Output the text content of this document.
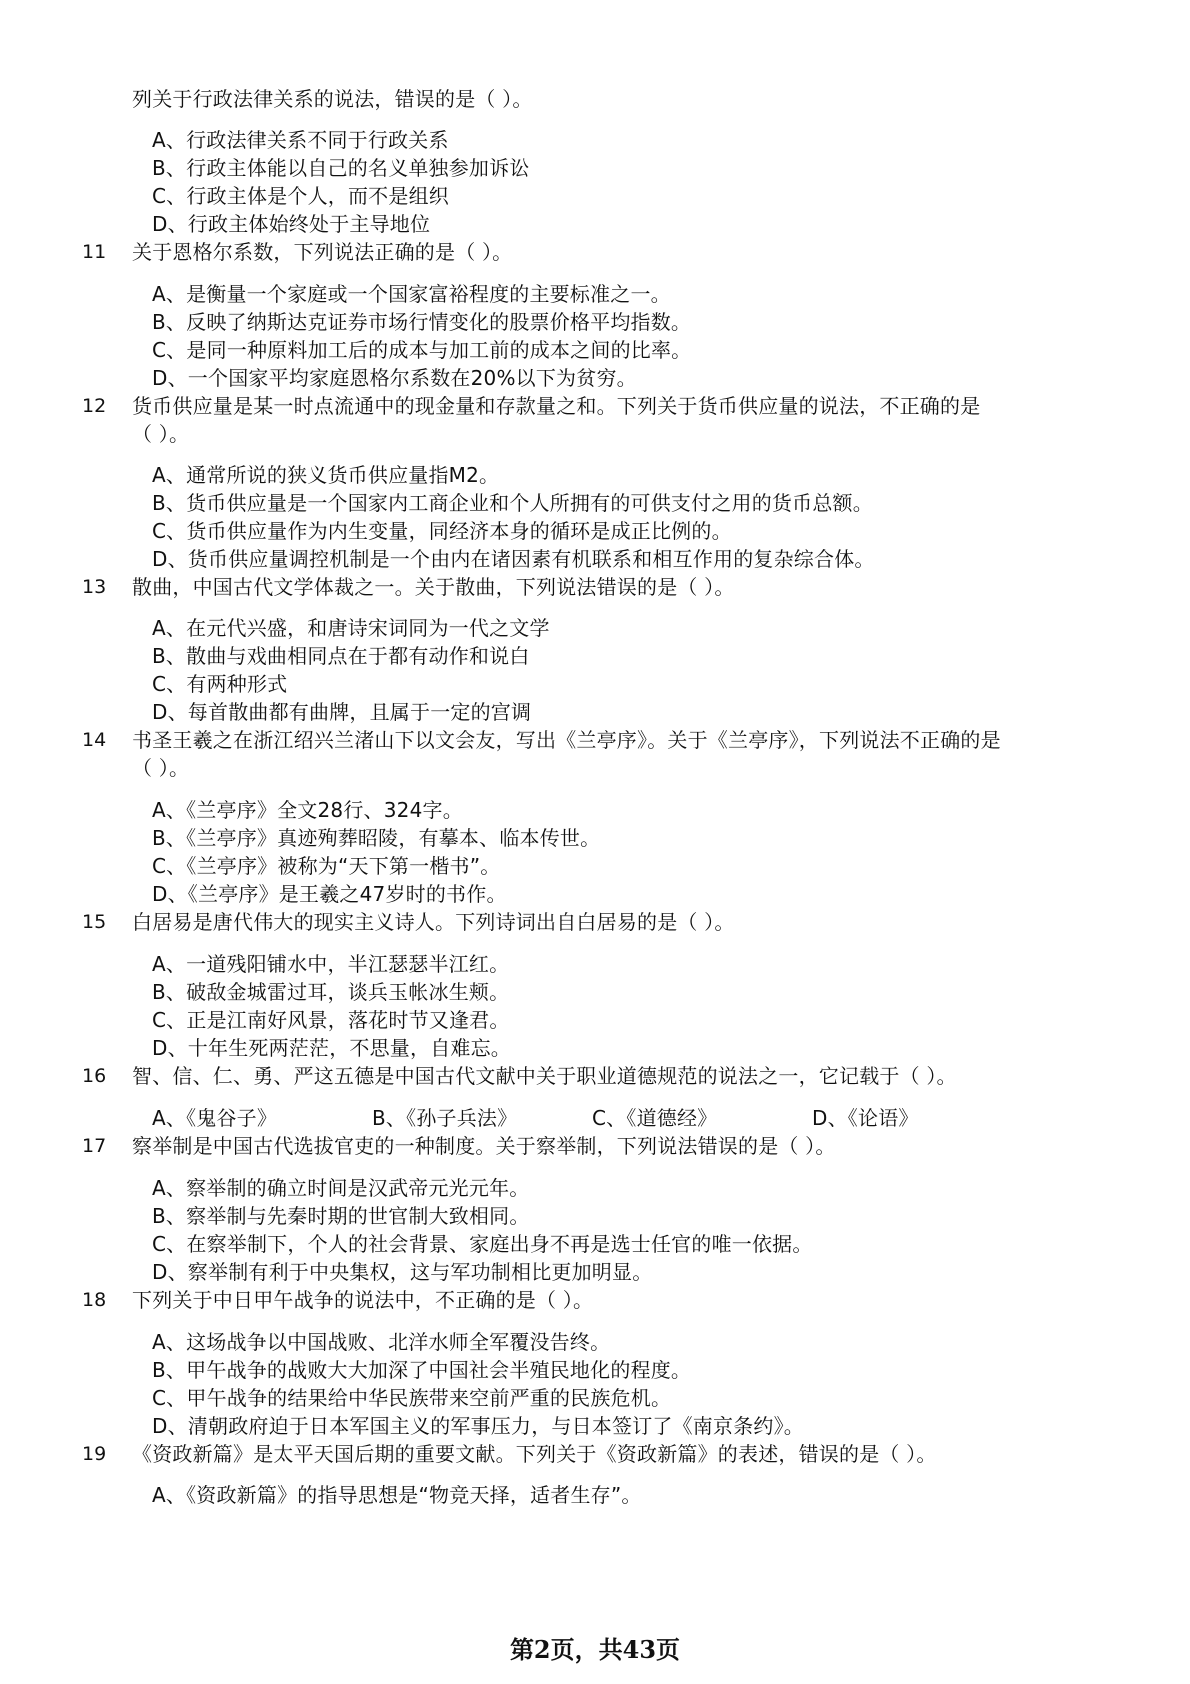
列关于行政法律关系的说法，错误的是（ ）。
A、行政法律关系不同于行政关系
B、行政主体能以自己的名义单独参加诉讼
C、行政主体是个人，而不是组织
D、行政主体始终处于主导地位
11 关于恩格尔系数，下列说法正确的是（ ）。
A、是衡量一个家庭或一个国家富裕程度的主要标准之一。
B、反映了纳斯达克证券市场行情变化的股票价格平均指数。
C、是同一种原料加工后的成本与加工前的成本之间的比率。
D、一个国家平均家庭恩格尔系数在20%以下为贫穷。
12 货币供应量是某一时点流通中的现金量和存款量之和。下列关于货币供应量的说法，不正确的是
（ ）。
A、通常所说的狭义货币供应量指M2。
B、货币供应量是一个国家内工商企业和个人所拥有的可供支付之用的货币总额。
C、货币供应量作为内生变量，同经济本身的循环是成正比例的。
D、货币供应量调控机制是一个由内在诸因素有机联系和相互作用的复杂综合体。
13 散曲，中国古代文学体裁之一。关于散曲，下列说法错误的是（ ）。
A、在元代兴盛，和唐诗宋词同为一代之文学
B、散曲与戏曲相同点在于都有动作和说白
C、有两种形式
D、每首散曲都有曲牌，且属于一定的宫调
14 书圣王羲之在浙江绍兴兰渚山下以文会友，写出《兰亭序》。关于《兰亭序》，下列说法不正确的是
（ ）。
A、《兰亭序》全文28行、324字。
B、《兰亭序》真迹殉葬昭陵，有摹本、临本传世。
C、《兰亭序》被称为“天下第一楷书”。
D、《兰亭序》是王羲之47岁时的书作。
15 白居易是唐代伟大的现实主义诗人。下列诗词出自白居易的是（ ）。
A、一道残阳铺水中，半江瑟瑟半江红。
B、破敌金城雷过耳，谈兵玉帐冰生颊。
C、正是江南好风景，落花时节又逢君。
D、十年生死两茫茫，不思量，自难忘。
16 智、信、仁、勇、严这五德是中国古代文献中关于职业道德规范的说法之一，它记载于（ ）。
A、《鬼谷子》	B、《孙子兵法》	C、《道德经》	D、《论语》
17 察举制是中国古代选拔官吏的一种制度。关于察举制，下列说法错误的是（ ）。
A、察举制的确立时间是汉武帝元光元年。
B、察举制与先秦时期的世官制大致相同。
C、在察举制下，个人的社会背景、家庭出身不再是选士任官的唯一依据。
D、察举制有利于中央集权，这与军功制相比更加明显。
18 下列关于中日甲午战争的说法中，不正确的是（ ）。
A、这场战争以中国战败、北洋水师全军覆没告终。
B、甲午战争的战败大大加深了中国社会半殖民地化的程度。
C、甲午战争的结果给中华民族带来空前严重的民族危机。
D、清朝政府迫于日本军国主义的军事压力，与日本签订了《南京条约》。
19 《资政新篇》是太平天国后期的重要文献。下列关于《资政新篇》的表述，错误的是（ ）。
A、《资政新篇》的指导思想是“物竞天择，适者生存”。
第2页，共43页
